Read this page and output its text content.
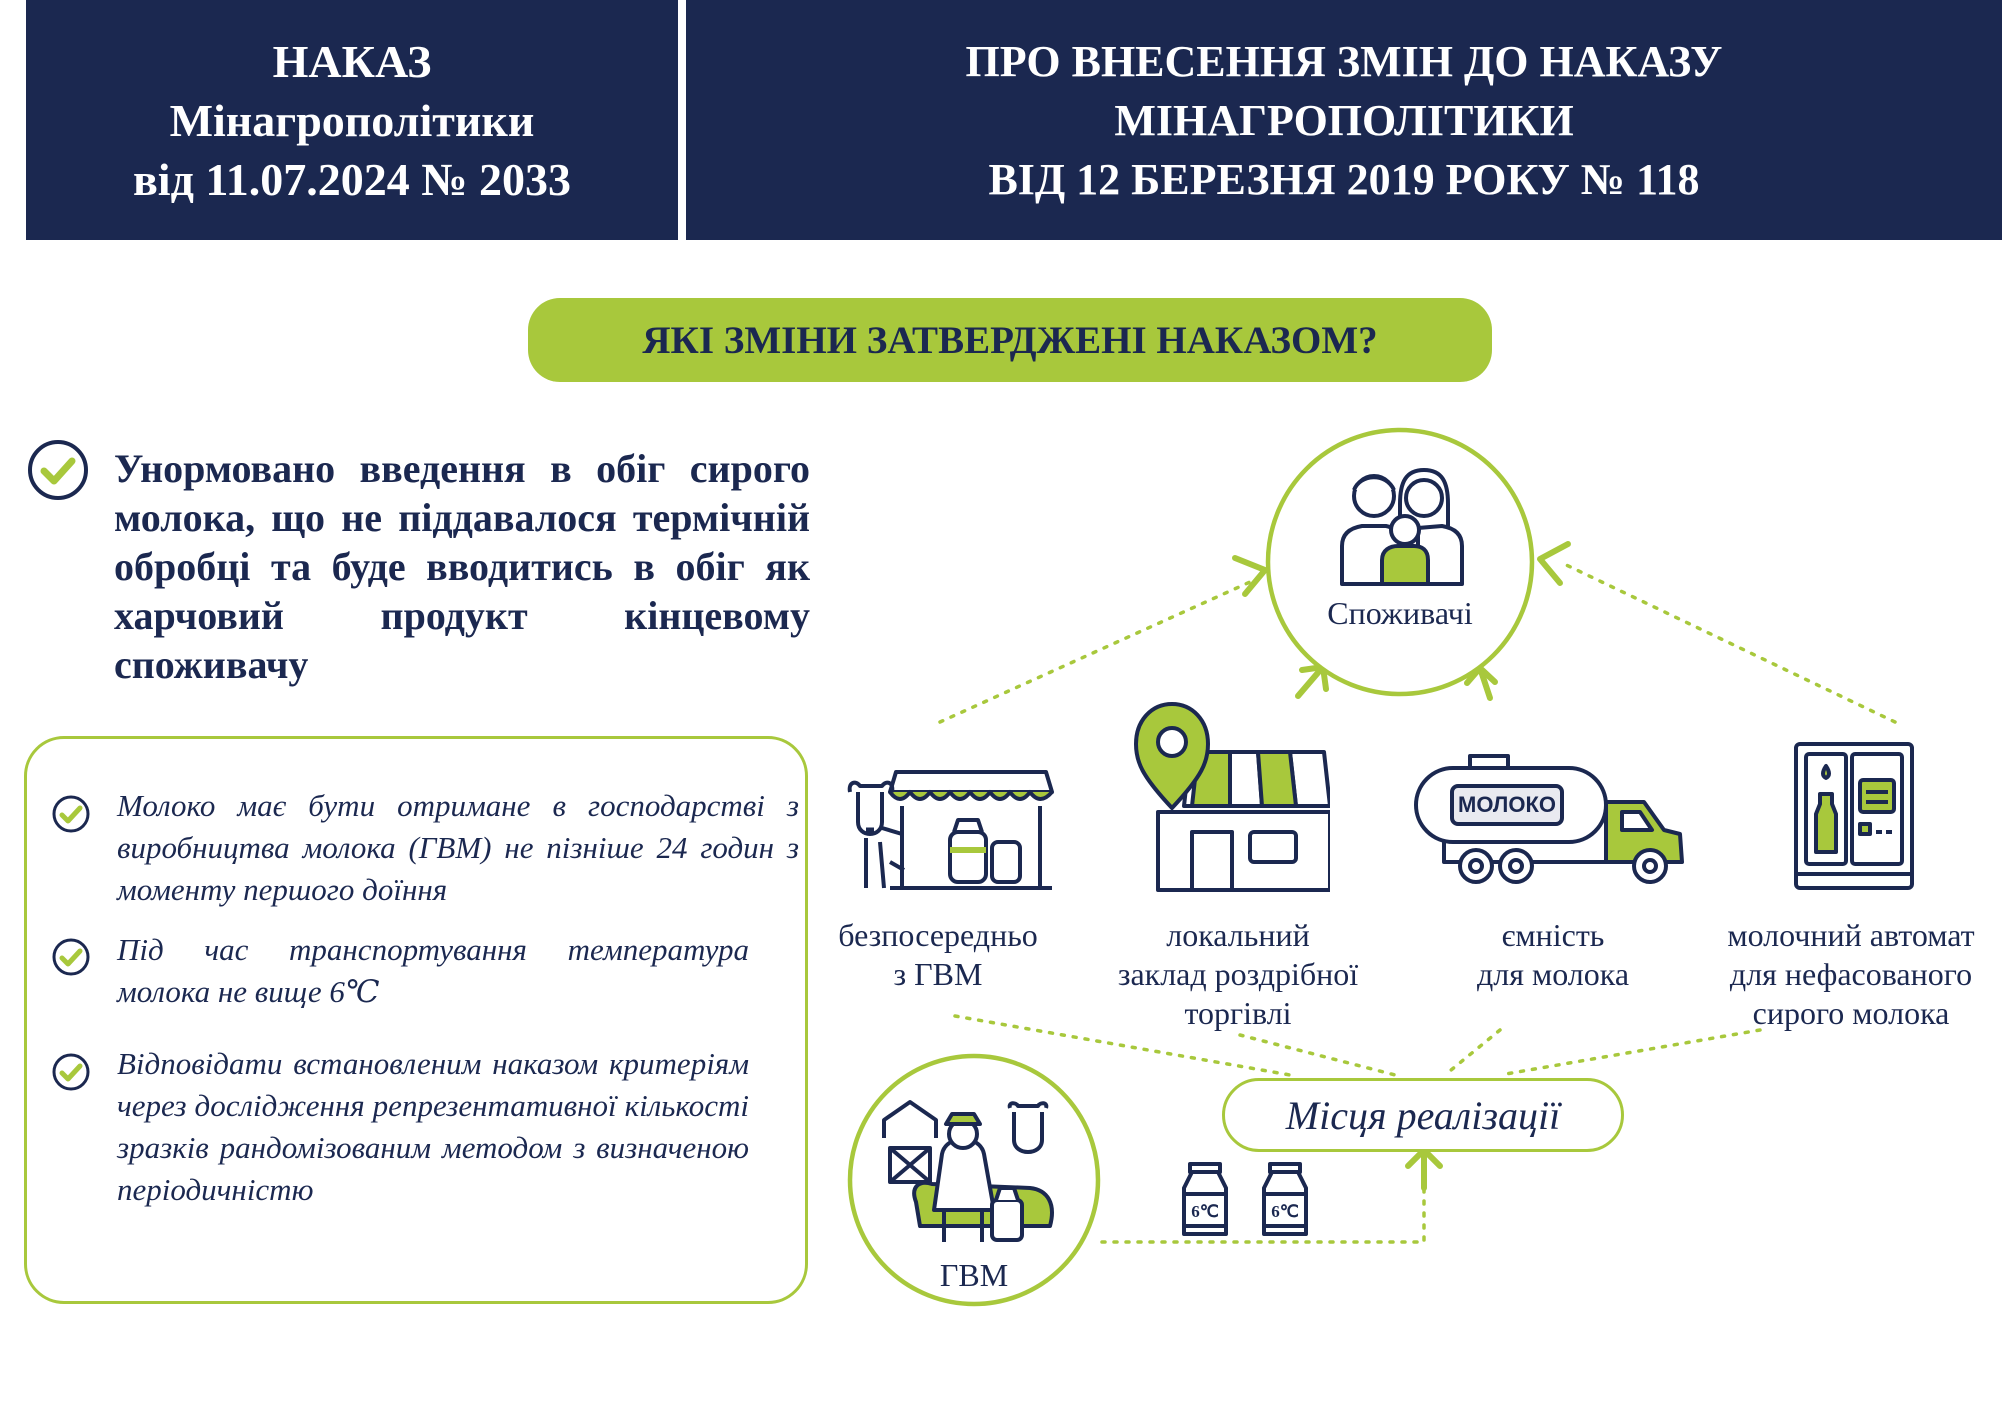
НАКАЗ
Мінагрополітики
від 11.07.2024 № 2033
ПРО ВНЕСЕННЯ ЗМІН ДО НАКАЗУ
МІНАГРОПОЛІТИКИ
ВІД 12 БЕРЕЗНЯ 2019 РОКУ № 118
ЯКІ ЗМІНИ ЗАТВЕРДЖЕНІ НАКАЗОМ?
Унормовано введення в обіг сирого молока, що не піддавалося термічній обробці та буде вводитись в обіг як харчовий продукт кінцевому споживачу
Молоко має бути отримане в господарстві з виробництва молока (ГВМ) не пізніше 24 годин з моменту першого доїння
Під час транспортування температура молока не вище 6℃
Відповідати встановленим наказом критеріям через дослідження репрезентативної кількості зразків рандомізованим методом з визначеною періодичністю
Споживачі
безпосередньо
з ГВМ
локальний
заклад роздрібної
торгівлі
МОЛОКО
ємність
для молока
молочний автомат
для нефасованого
сирого молока
Місця реалізації
ГВМ
6℃	6℃
